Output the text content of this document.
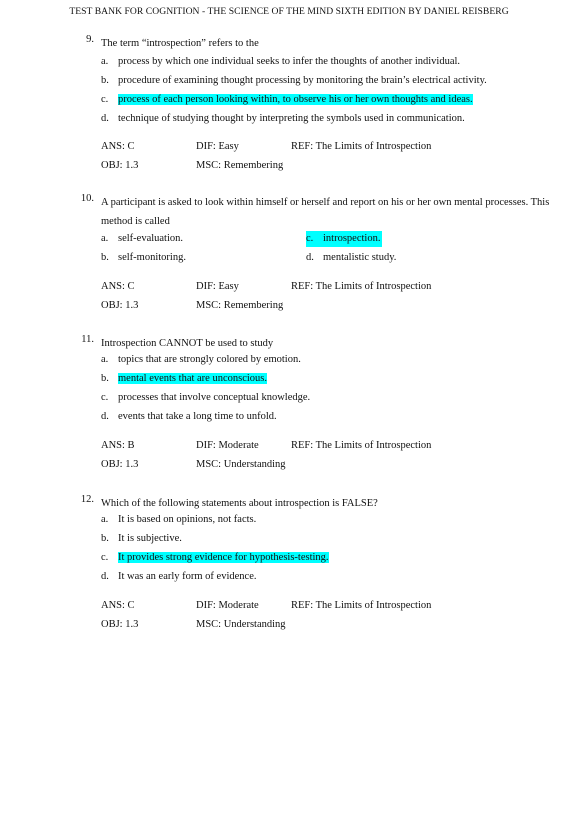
TEST BANK FOR COGNITION - THE SCIENCE OF THE MIND SIXTH EDITION BY DANIEL REISBERG
9. The term “introspection” refers to the
a. process by which one individual seeks to infer the thoughts of another individual.
b. procedure of examining thought processing by monitoring the brain’s electrical activity.
c. process of each person looking within, to observe his or her own thoughts and ideas.
d. technique of studying thought by interpreting the symbols used in communication.
ANS: C	DIF: Easy	REF: The Limits of Introspection
OBJ: 1.3	MSC: Remembering
10. A participant is asked to look within himself or herself and report on his or her own mental processes. This method is called
a. self-evaluation.	c. introspection.
b. self-monitoring.	d. mentalistic study.
ANS: C	DIF: Easy	REF: The Limits of Introspection
OBJ: 1.3	MSC: Remembering
11. Introspection CANNOT be used to study
a. topics that are strongly colored by emotion.
b. mental events that are unconscious.
c. processes that involve conceptual knowledge.
d. events that take a long time to unfold.
ANS: B	DIF: Moderate	REF: The Limits of Introspection
OBJ: 1.3	MSC: Understanding
12. Which of the following statements about introspection is FALSE?
a. It is based on opinions, not facts.
b. It is subjective.
c. It provides strong evidence for hypothesis-testing.
d. It was an early form of evidence.
ANS: C	DIF: Moderate	REF: The Limits of Introspection
OBJ: 1.3	MSC: Understanding
